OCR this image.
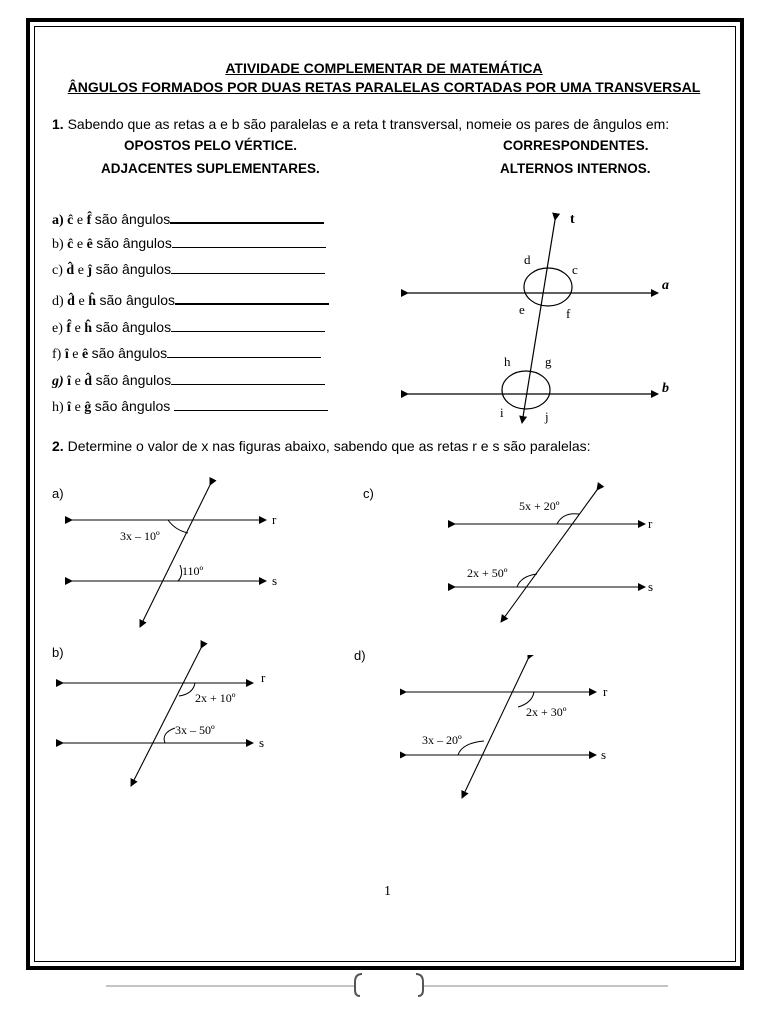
ATIVIDADE COMPLEMENTAR DE MATEMÁTICA
ÂNGULOS FORMADOS POR DUAS RETAS PARALELAS CORTADAS POR UMA TRANSVERSAL
1. Sabendo que as retas a e b são paralelas e a reta t transversal, nomeie os pares de ângulos em:
OPOSTOS PELO VÉRTICE.	CORRESPONDENTES.
ADJACENTES SUPLEMENTARES.	ALTERNOS INTERNOS.
a) ĉ e f̂ são ângulos
b) ĉ e ê são ângulos
c) d̂ e ĵ são ângulos
d) d̂ e ĥ são ângulos
e) f̂ e ĥ são ângulos
f) î e ê são ângulos
g) î e d̂ são ângulos
h) î e ĝ são ângulos
t
a
b
d
c
e	f
h	g
i	j
2. Determine o valor de x nas figuras abaixo, sabendo que as retas r e s são paralelas:
a)
3x – 10º
110º
r
s
c)
5x + 20º
2x + 50º
r
s
b)
2x + 10º
3x – 50º
r
s
d)
2x + 30º
3x – 20º
r
s
1
